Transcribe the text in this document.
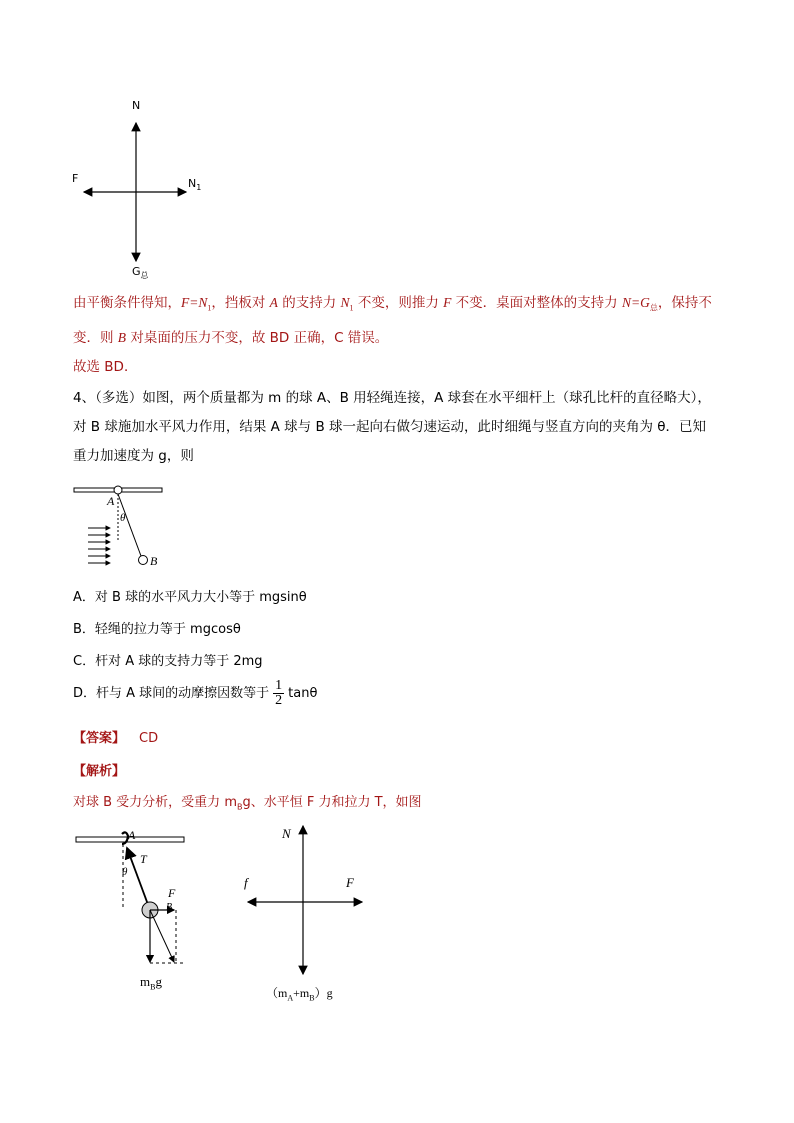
N
F	$N_1$
$G_总$
由平衡条件得知，$F=N_1$，挡板对 A 的支持力 $N_1$ 不变，则推力 F 不变．桌面对整体的支持力 $N=G_总$，保持不
变．则 B 对桌面的压力不变，故 BD 正确，C 错误。
故选 BD．
4、（多选）如图，两个质量都为 m 的球 A、B 用轻绳连接，A 球套在水平细杆上（球孔比杆的直径略大），
对 B 球施加水平风力作用，结果 A 球与 B 球一起向右做匀速运动，此时细绳与竖直方向的夹角为 θ．已知
重力加速度为 g，则
A
θ
B
A．对 B 球的水平风力大小等于 mgsinθ
B．轻绳的拉力等于 mgcosθ
C．杆对 A 球的支持力等于 2mg
D．杆与 A 球间的动摩擦因数等于 $\frac{1}{2}$ tanθ
【答案】 CD
【解析】
对球 B 受力分析，受重力 $m_Bg$、水平恒 F 力和拉力 T，如图
A
T
θ
F
B
$m_Bg$
N
f	F
$(m_A+m_B)g$
